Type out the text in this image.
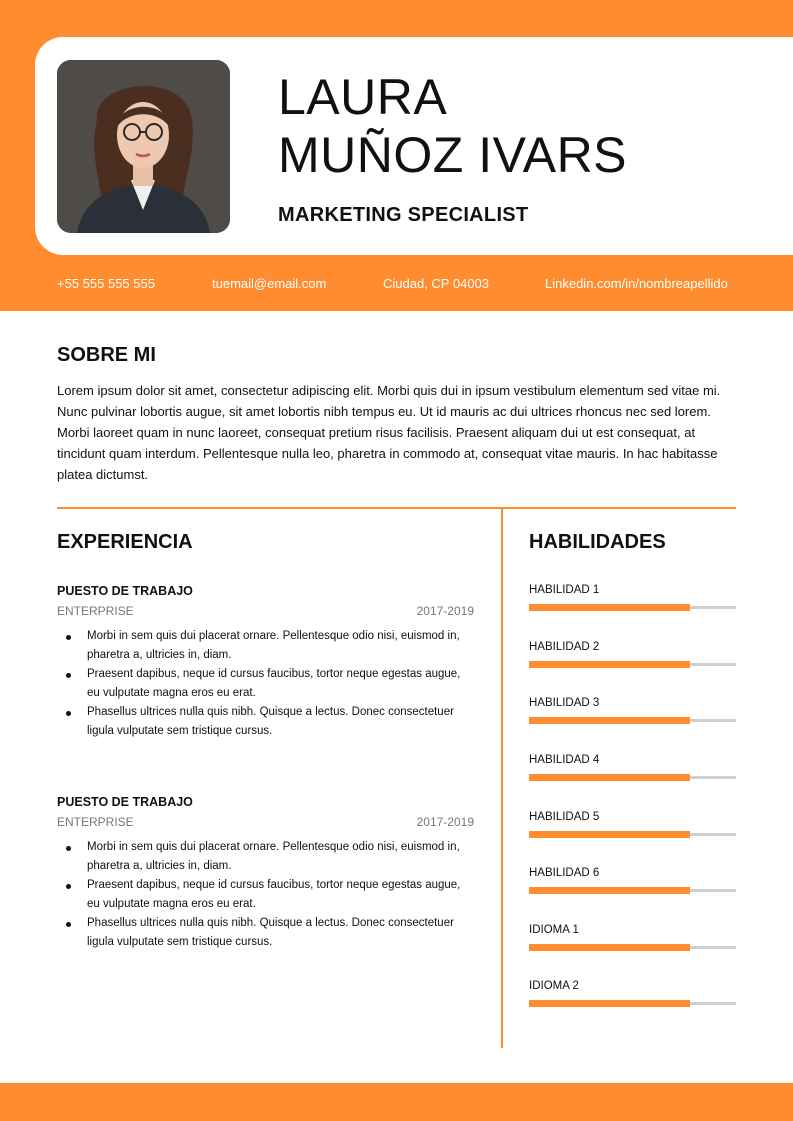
LAURA
MUÑOZ IVARS
MARKETING SPECIALIST
+55 555 555 555	tuemail@email.com	Ciudad, CP 04003	Linkedin.com/in/nombreapellido
SOBRE MI

Lorem ipsum dolor sit amet, consectetur adipiscing elit. Morbi quis dui in ipsum vestibulum elementum sed vitae mi. Nunc pulvinar lobortis augue, sit amet lobortis nibh tempus eu. Ut id mauris ac dui ultrices rhoncus nec sed lorem. Morbi laoreet quam in nunc laoreet, consequat pretium risus facilisis. Praesent aliquam dui ut est consequat, at tincidunt quam interdum. Pellentesque nulla leo, pharetra in commodo at, consequat vitae mauris. In hac habitasse platea dictumst.

EXPERIENCIA

PUESTO DE TRABAJO

ENTERPRISE	2017-2019
Morbi in sem quis dui placerat ornare. Pellentesque odio nisi, euismod in, pharetra a, ultricies in, diam.
Praesent dapibus, neque id cursus faucibus, tortor neque egestas augue, eu vulputate magna eros eu erat.
Phasellus ultrices nulla quis nibh. Quisque a lectus. Donec consectetuer ligula vulputate sem tristique cursus.

PUESTO DE TRABAJO

ENTERPRISE	2017-2019
Morbi in sem quis dui placerat ornare. Pellentesque odio nisi, euismod in, pharetra a, ultricies in, diam.
Praesent dapibus, neque id cursus faucibus, tortor neque egestas augue, eu vulputate magna eros eu erat.
Phasellus ultrices nulla quis nibh. Quisque a lectus. Donec consectetuer ligula vulputate sem tristique cursus.
HABILIDADES
HABILIDAD 1
HABILIDAD 2
HABILIDAD 3
HABILIDAD 4
HABILIDAD 5
HABILIDAD 6
IDIOMA 1
IDIOMA 2
